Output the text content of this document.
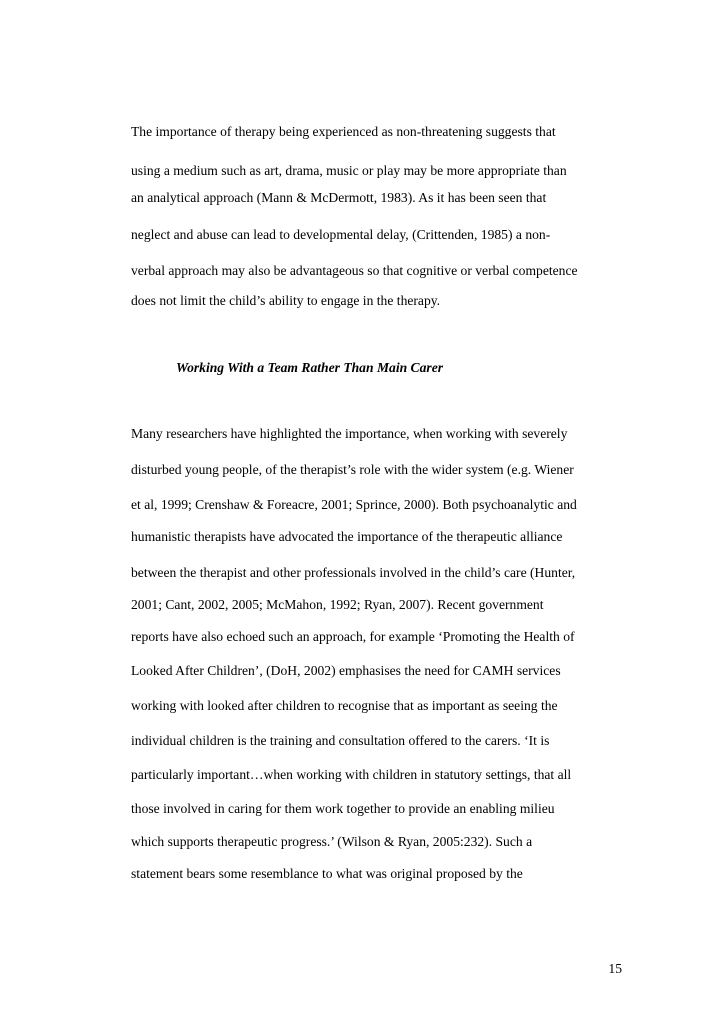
The importance of therapy being experienced as non-threatening suggests that
using a medium such as art, drama, music or play may be more appropriate than
an analytical approach (Mann & McDermott, 1983). As it has been seen that
neglect and abuse can lead to developmental delay, (Crittenden, 1985) a non-
verbal approach may also be advantageous so that cognitive or verbal competence
does not limit the child’s ability to engage in the therapy.
Working With a Team Rather Than Main Carer
Many researchers have highlighted the importance, when working with severely
disturbed young people, of the therapist’s role with the wider system (e.g. Wiener
et al, 1999; Crenshaw & Foreacre, 2001; Sprince, 2000). Both psychoanalytic and
humanistic therapists have advocated the importance of the therapeutic alliance
between the therapist and other professionals involved in the child’s care (Hunter,
2001; Cant, 2002, 2005; McMahon, 1992; Ryan, 2007). Recent government
reports have also echoed such an approach, for example ‘Promoting the Health of
Looked After Children’, (DoH, 2002) emphasises the need for CAMH services
working with looked after children to recognise that as important as seeing the
individual children is the training and consultation offered to the carers. ‘It is
particularly important…when working with children in statutory settings, that all
those involved in caring for them work together to provide an enabling milieu
which supports therapeutic progress.’ (Wilson & Ryan, 2005:232). Such a
statement bears some resemblance to what was original proposed by the
15
